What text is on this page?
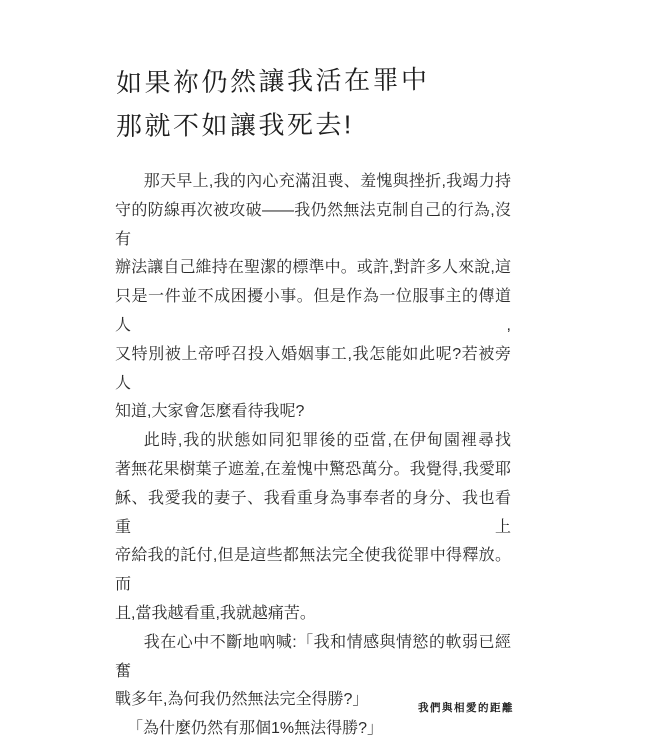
如果祢仍然讓我活在罪中
那就不如讓我死去!

那天早上,我的內心充滿沮喪、羞愧與挫折,我竭力持

守的防線再次被攻破——我仍然無法克制自己的行為,沒有

辦法讓自己維持在聖潔的標準中。或許,對許多人來說,這

只是一件並不成困擾小事。但是作為一位服事主的傳道人,

又特別被上帝呼召投入婚姻事工,我怎能如此呢?若被旁人

知道,大家會怎麼看待我呢?

此時,我的狀態如同犯罪後的亞當,在伊甸園裡尋找

著無花果樹葉子遮羞,在羞愧中驚恐萬分。我覺得,我愛耶

穌、我愛我的妻子、我看重身為事奉者的身分、我也看重上

帝給我的託付,但是這些都無法完全使我從罪中得釋放。而

且,當我越看重,我就越痛苦。

我在心中不斷地吶喊:「我和情感與情慾的軟弱已經奮

戰多年,為何我仍然無法完全得勝?」

「為什麼仍然有那個1%無法得勝?」

我們與相愛的距離
